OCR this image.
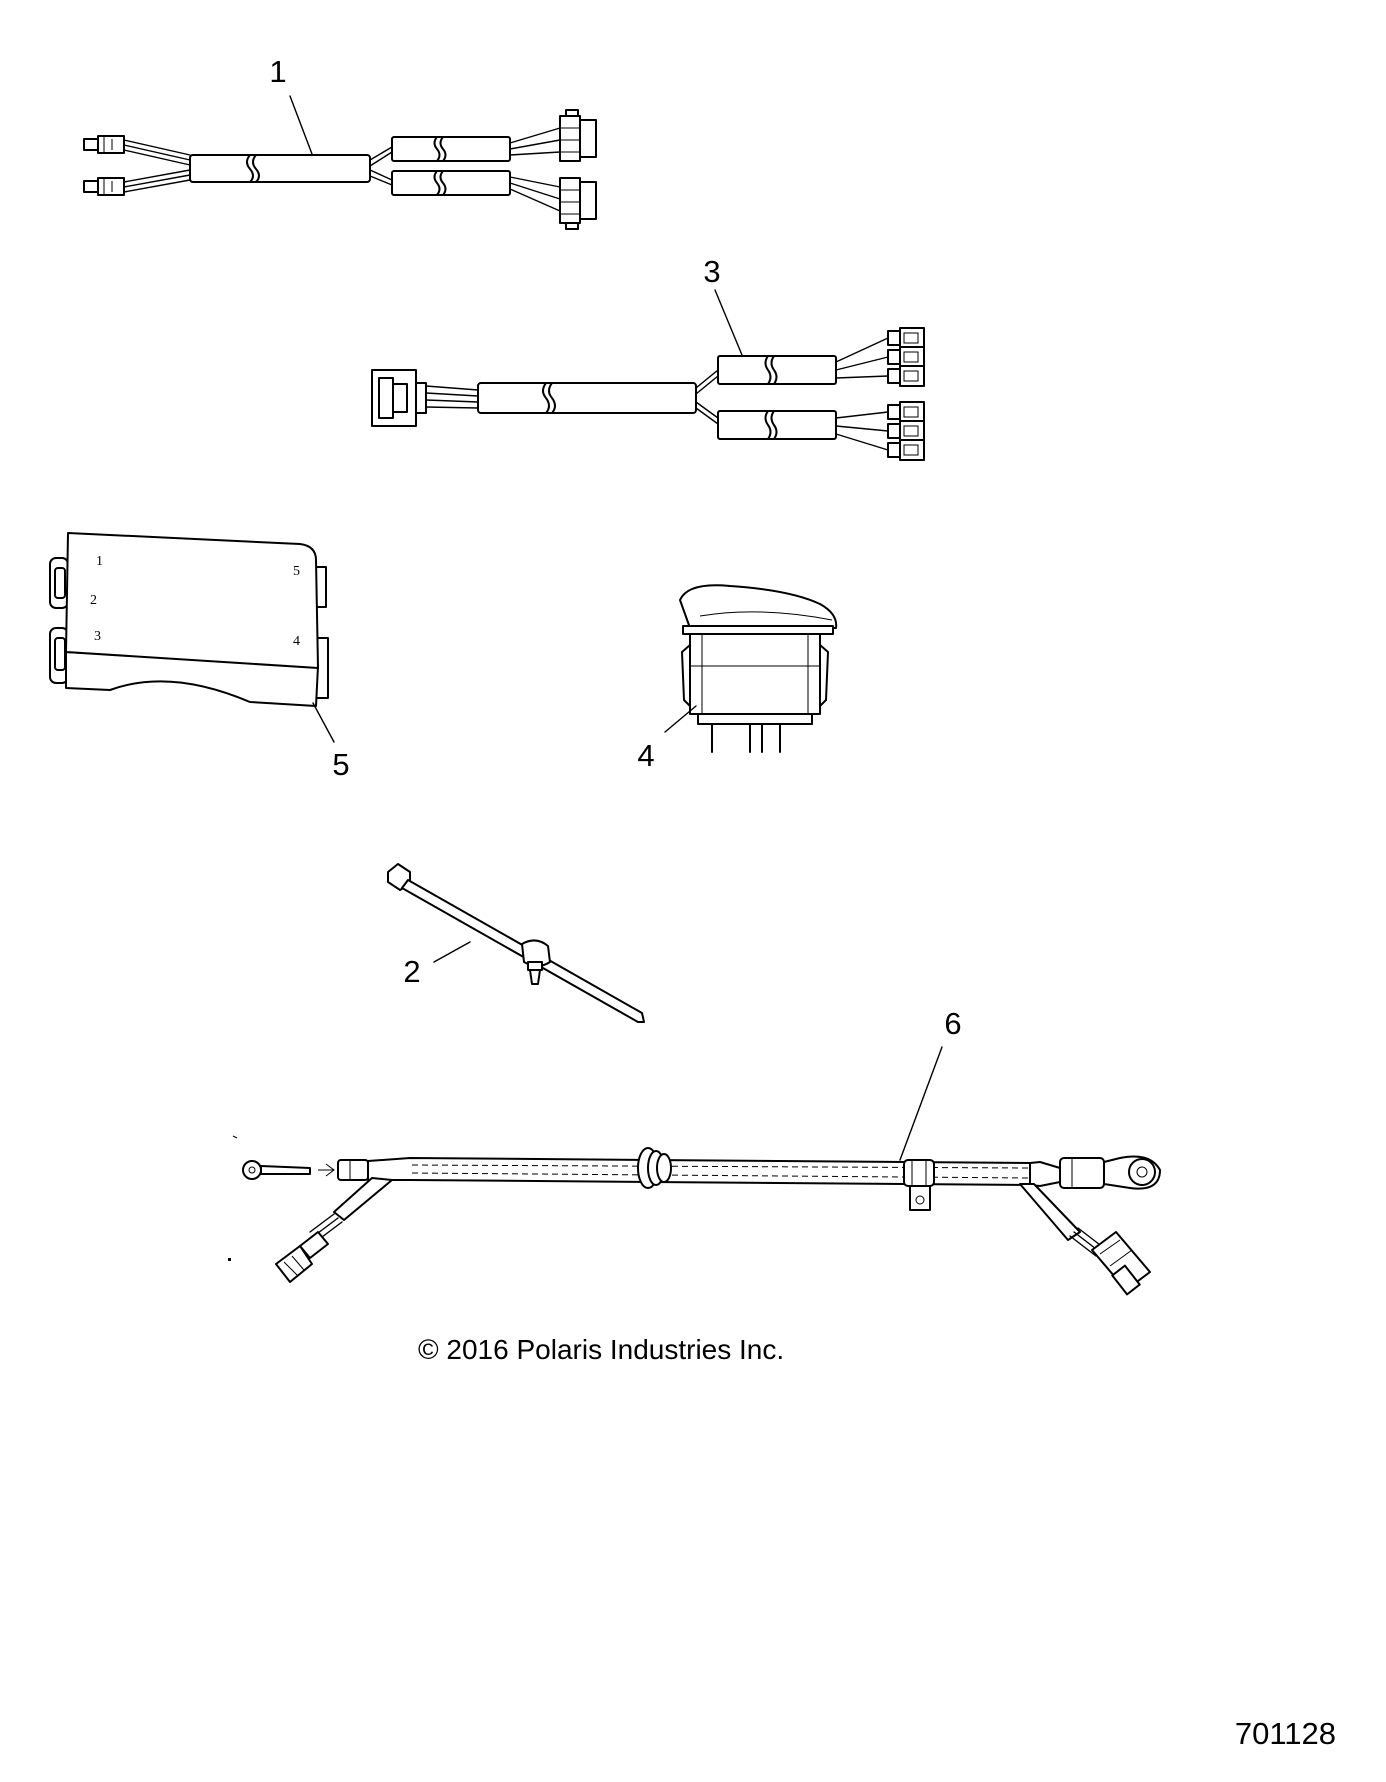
1
3
1
2
3
5
4
5	4
2
6
© 2016 Polaris Industries Inc.
701128
